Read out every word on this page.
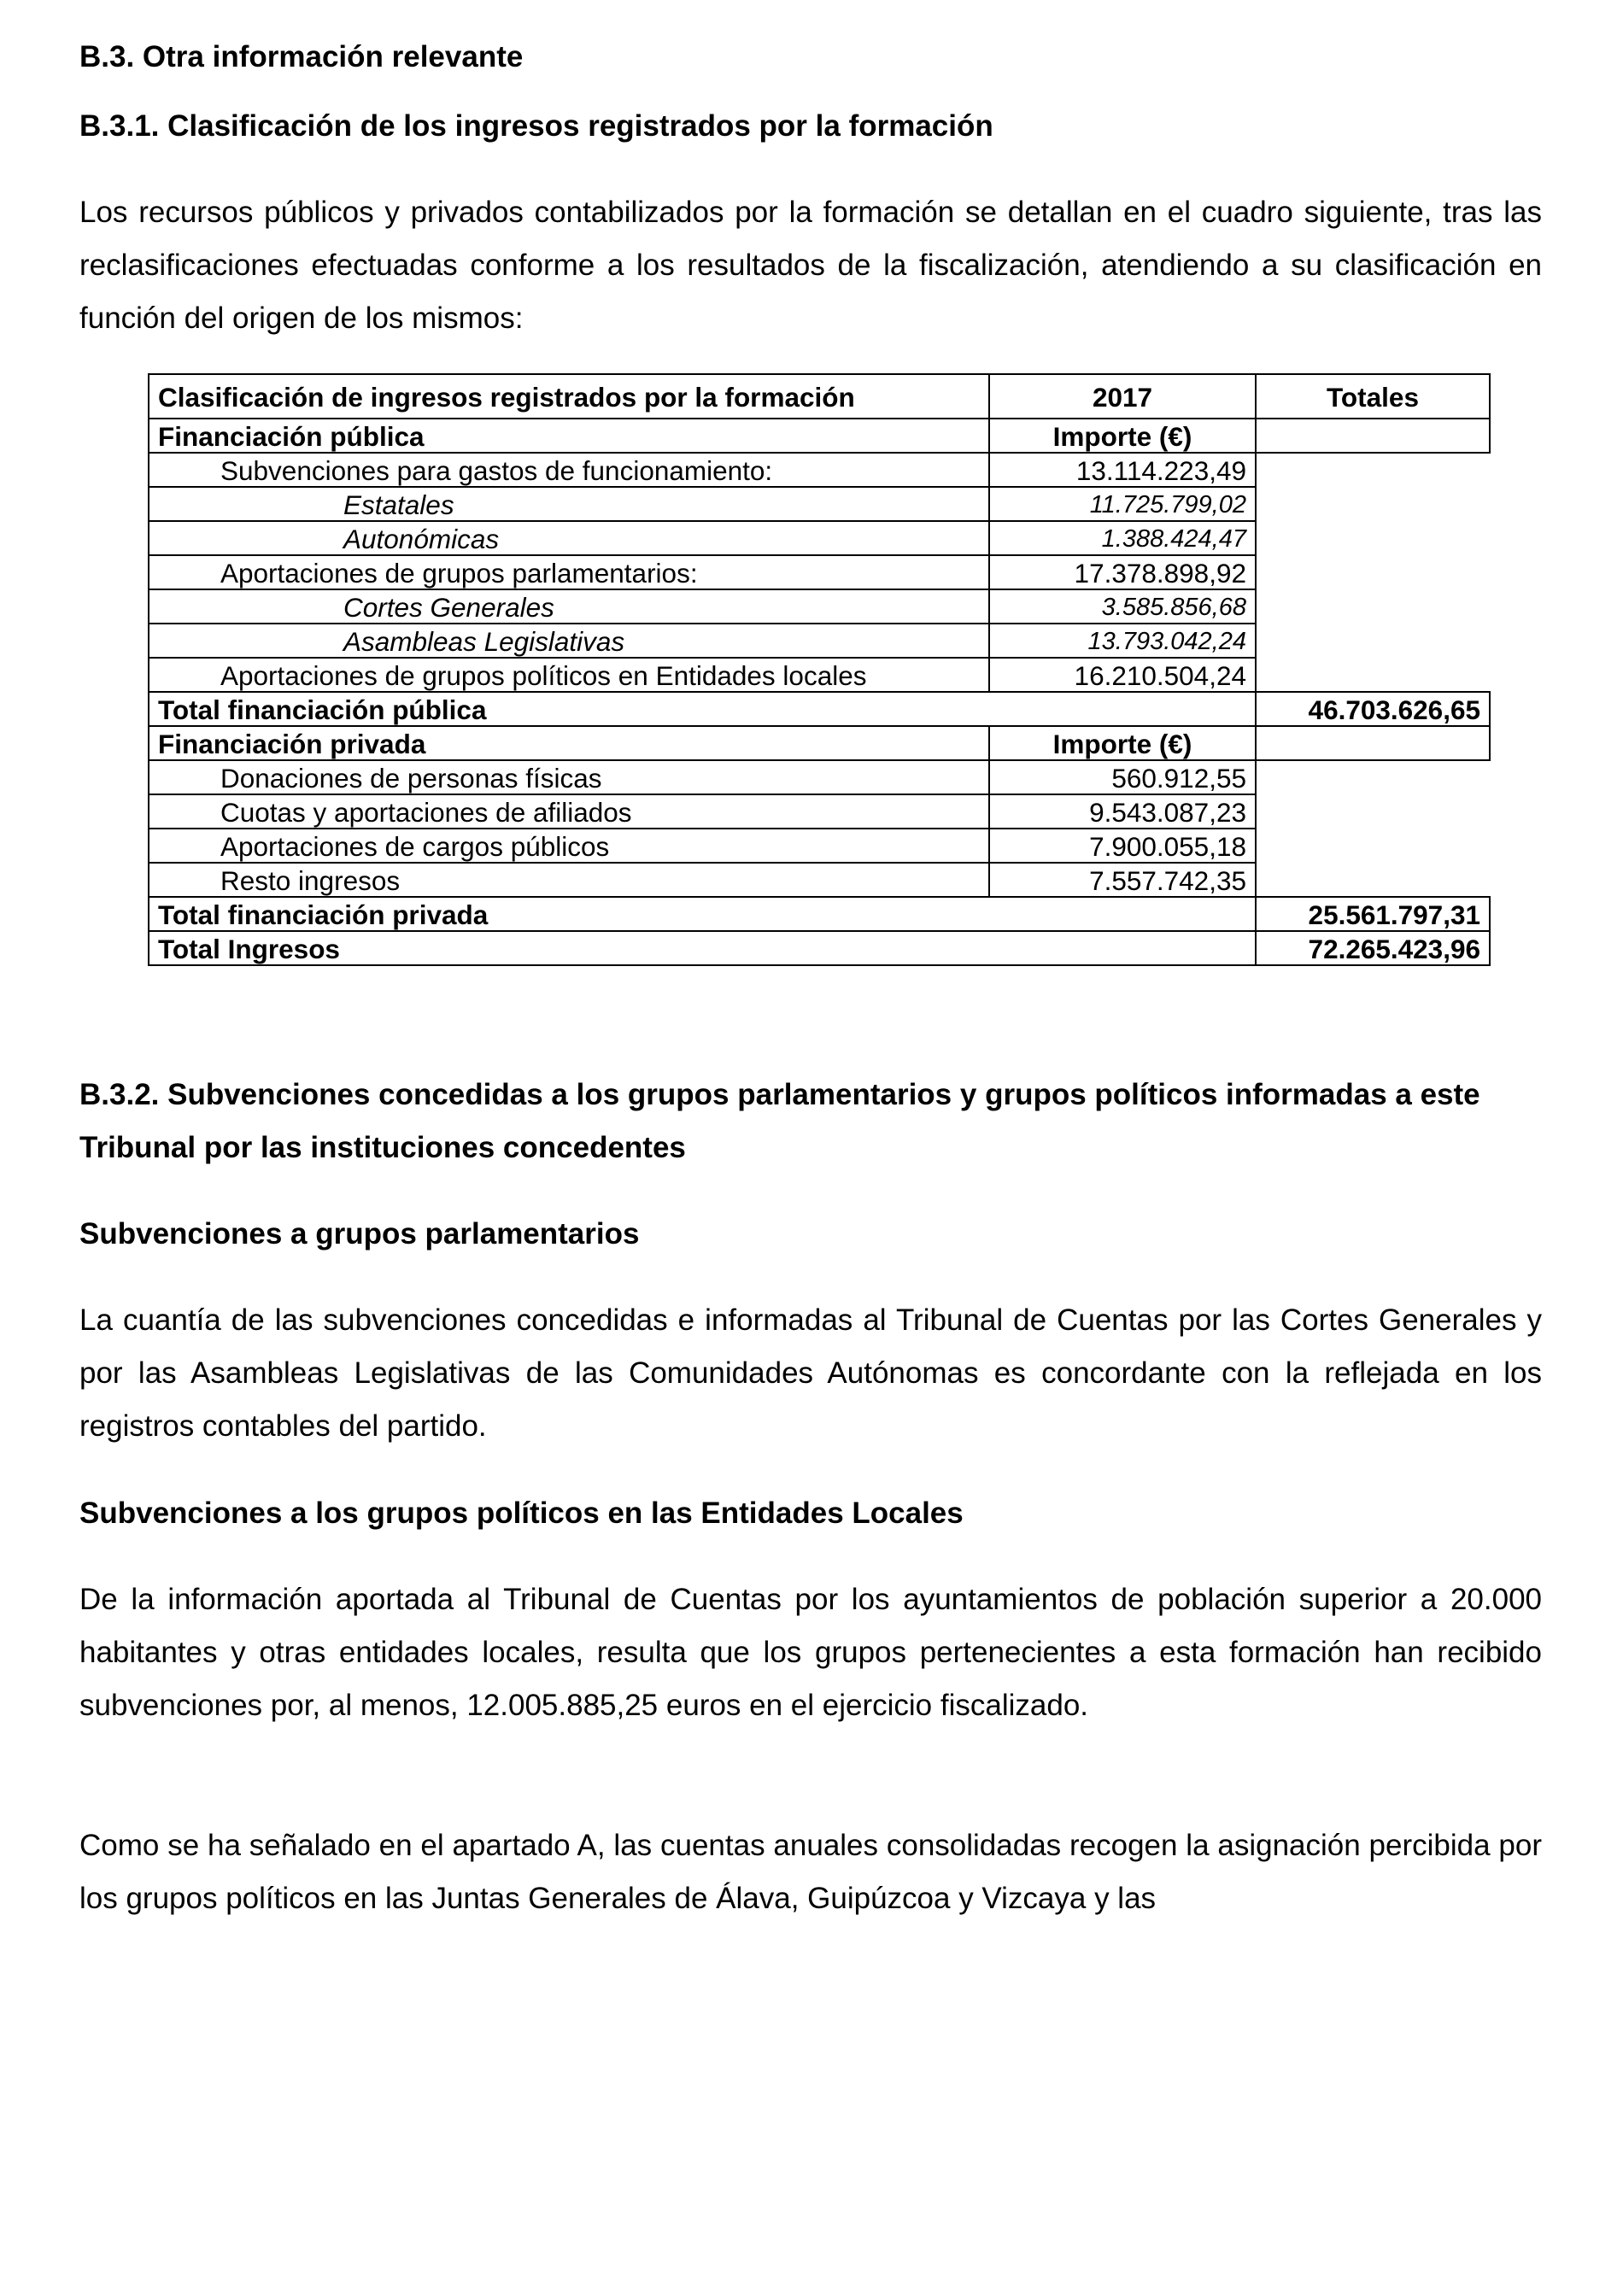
B.3. Otra información relevante
B.3.1. Clasificación de los ingresos registrados por la formación

Los recursos públicos y privados contabilizados por la formación se detallan en el cuadro siguiente, tras las reclasificaciones efectuadas conforme a los resultados de la fiscalización, atendiendo a su clasificación en función del origen de los mismos:

Clasificación de ingresos registrados por la formación	2017	Totales
Financiación pública	Importe (€)	
Subvenciones para gastos de funcionamiento:	13.114.223,49	
Estatales	11.725.799,02	
Autonómicas	1.388.424,47	
Aportaciones de grupos parlamentarios:	17.378.898,92	
Cortes Generales	3.585.856,68	
Asambleas Legislativas	13.793.042,24	
Aportaciones de grupos políticos en Entidades locales	16.210.504,24	
Total financiación pública		46.703.626,65
Financiación privada	Importe (€)	
Donaciones de personas físicas	560.912,55	
Cuotas y aportaciones de afiliados	9.543.087,23	
Aportaciones de cargos públicos	7.900.055,18	
Resto ingresos	7.557.742,35	
Total financiación privada		25.561.797,31
Total Ingresos		72.265.423,96
B.3.2. Subvenciones concedidas a los grupos parlamentarios y grupos políticos informadas a este Tribunal por las instituciones concedentes
Subvenciones a grupos parlamentarios

La cuantía de las subvenciones concedidas e informadas al Tribunal de Cuentas por las Cortes Generales y por las Asambleas Legislativas de las Comunidades Autónomas es concordante con la reflejada en los registros contables del partido.

Subvenciones a los grupos políticos en las Entidades Locales

De la información aportada al Tribunal de Cuentas por los ayuntamientos de población superior a 20.000 habitantes y otras entidades locales, resulta que los grupos pertenecientes a esta formación han recibido subvenciones por, al menos, 12.005.885,25 euros en el ejercicio fiscalizado.

Como se ha señalado en el apartado A, las cuentas anuales consolidadas recogen la asignación percibida por los grupos políticos en las Juntas Generales de Álava, Guipúzcoa y Vizcaya y las
